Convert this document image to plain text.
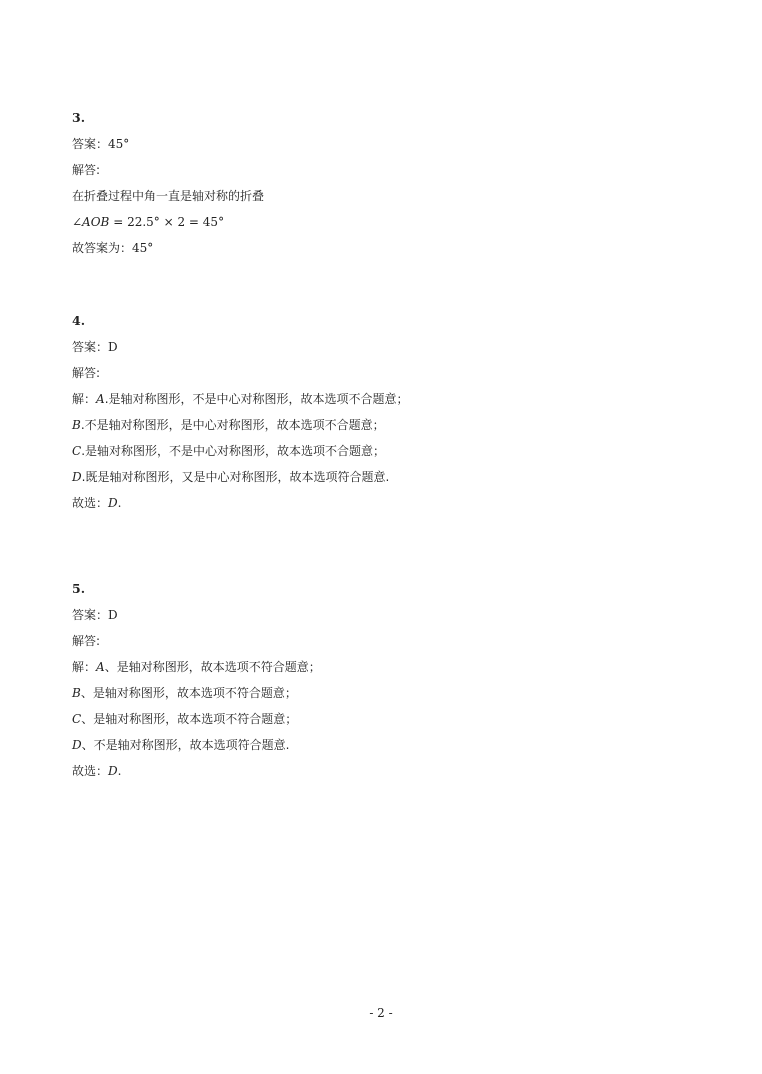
3.
答案：45°
解答:
在折叠过程中角一直是轴对称的折叠
∠AOB = 22.5° × 2 = 45°
故答案为：45°
4.
答案：D
解答:
解：A.是轴对称图形，不是中心对称图形，故本选项不合题意；
B.不是轴对称图形，是中心对称图形，故本选项不合题意；
C.是轴对称图形，不是中心对称图形，故本选项不合题意；
D.既是轴对称图形，又是中心对称图形，故本选项符合题意.
故选：D.
5.
答案：D
解答:
解：A、是轴对称图形，故本选项不符合题意；
B、是轴对称图形，故本选项不符合题意；
C、是轴对称图形，故本选项不符合题意；
D、不是轴对称图形，故本选项符合题意.
故选：D.
- 2 -
